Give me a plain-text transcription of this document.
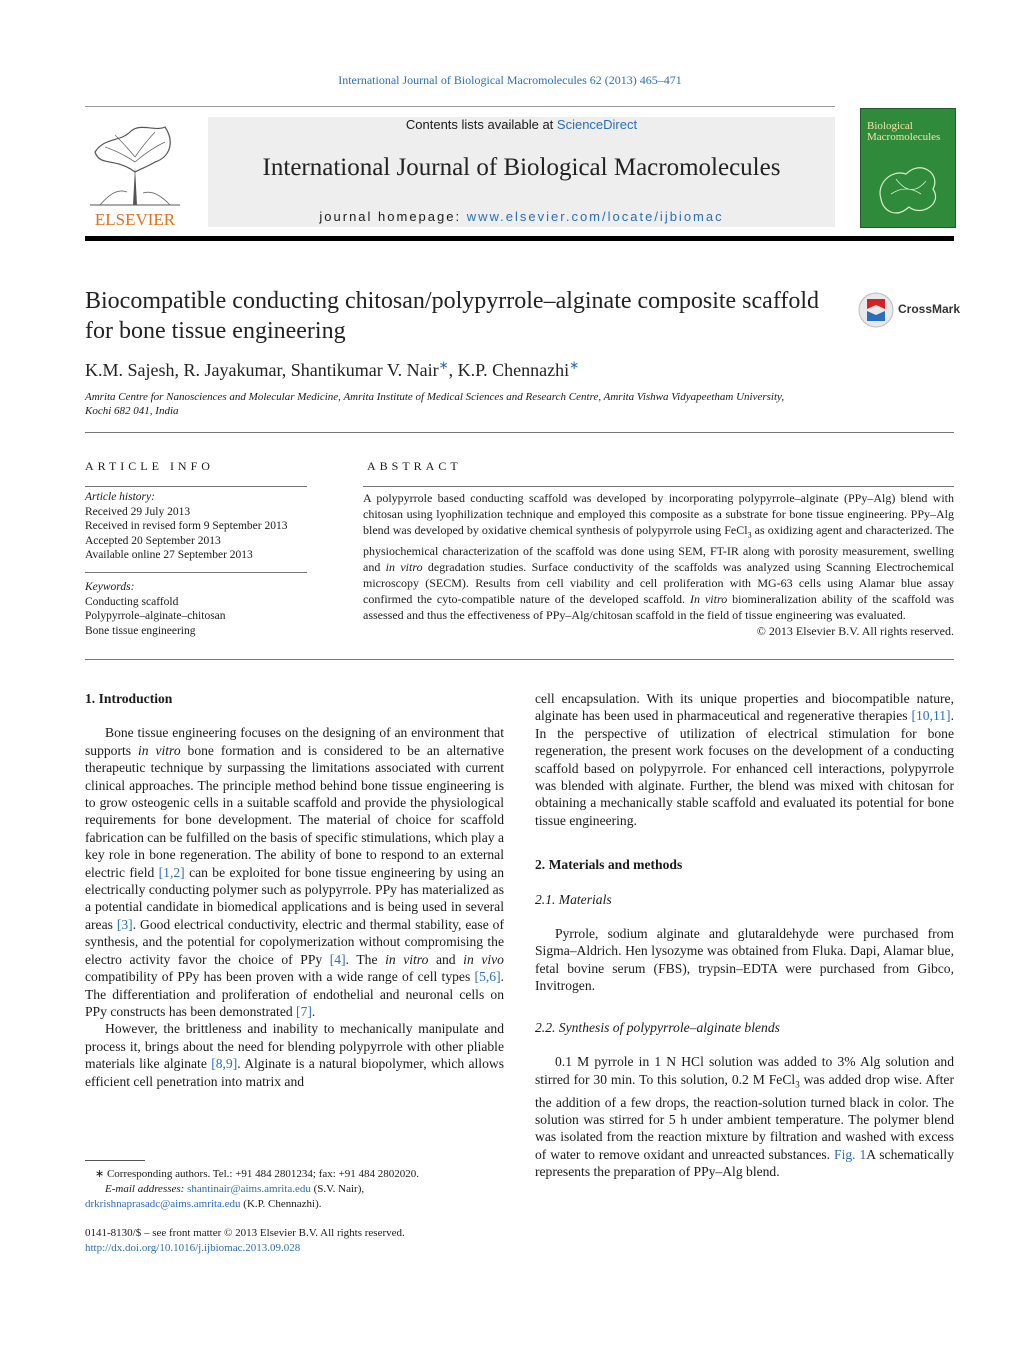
International Journal of Biological Macromolecules 62 (2013) 465–471
ELSEVIER
Contents lists available at ScienceDirect
International Journal of Biological Macromolecules
journal homepage: www.elsevier.com/locate/ijbiomac
Biological
Macromolecules
Biocompatible conducting chitosan/polypyrrole–alginate composite scaffold for bone tissue engineering
CrossMark
K.M. Sajesh, R. Jayakumar, Shantikumar V. Nair∗, K.P. Chennazhi∗
Amrita Centre for Nanosciences and Molecular Medicine, Amrita Institute of Medical Sciences and Research Centre, Amrita Vishwa Vidyapeetham University, Kochi 682 041, India
ARTICLE INFO
Article history:
Received 29 July 2013
Received in revised form 9 September 2013
Accepted 20 September 2013
Available online 27 September 2013
Keywords:
Conducting scaffold
Polypyrrole–alginate–chitosan
Bone tissue engineering
ABSTRACT
A polypyrrole based conducting scaffold was developed by incorporating polypyrrole–alginate (PPy–Alg) blend with chitosan using lyophilization technique and employed this composite as a substrate for bone tissue engineering. PPy–Alg blend was developed by oxidative chemical synthesis of polypyrrole using FeCl$_3$ as oxidizing agent and characterized. The physiochemical characterization of the scaffold was done using SEM, FT-IR along with porosity measurement, swelling and in vitro degradation studies. Surface conductivity of the scaffolds was analyzed using Scanning Electrochemical microscopy (SECM). Results from cell viability and cell proliferation with MG-63 cells using Alamar blue assay confirmed the cyto-compatible nature of the developed scaffold. In vitro biomineralization ability of the scaffold was assessed and thus the effectiveness of PPy–Alg/chitosan scaffold in the field of tissue engineering was evaluated.
© 2013 Elsevier B.V. All rights reserved.
1. Introduction

Bone tissue engineering focuses on the designing of an environment that supports in vitro bone formation and is considered to be an alternative therapeutic technique by surpassing the limitations associated with current clinical approaches. The principle method behind bone tissue engineering is to grow osteogenic cells in a suitable scaffold and provide the physiological requirements for bone development. The material of choice for scaffold fabrication can be fulfilled on the basis of specific stimulations, which play a key role in bone regeneration. The ability of bone to respond to an external electric field [1,2] can be exploited for bone tissue engineering by using an electrically conducting polymer such as polypyrrole. PPy has materialized as a potential candidate in biomedical applications and is being used in several areas [3]. Good electrical conductivity, electric and thermal stability, ease of synthesis, and the potential for copolymerization without compromising the electro activity favor the choice of PPy [4]. The in vitro and in vivo compatibility of PPy has been proven with a wide range of cell types [5,6]. The differentiation and proliferation of endothelial and neuronal cells on PPy constructs has been demonstrated [7].

However, the brittleness and inability to mechanically manipulate and process it, brings about the need for blending polypyrrole with other pliable materials like alginate [8,9]. Alginate is a natural biopolymer, which allows efficient cell penetration into matrix and

∗ Corresponding authors. Tel.: +91 484 2801234; fax: +91 484 2802020.
E-mail addresses: shantinair@aims.amrita.edu (S.V. Nair),
drkrishnaprasadc@aims.amrita.edu (K.P. Chennazhi).
0141-8130/$ – see front matter © 2013 Elsevier B.V. All rights reserved.
http://dx.doi.org/10.1016/j.ijbiomac.2013.09.028

cell encapsulation. With its unique properties and biocompatible nature, alginate has been used in pharmaceutical and regenerative therapies [10,11]. In the perspective of utilization of electrical stimulation for bone regeneration, the present work focuses on the development of a conducting scaffold based on polypyrrole. For enhanced cell interactions, polypyrrole was blended with alginate. Further, the blend was mixed with chitosan for obtaining a mechanically stable scaffold and evaluated its potential for bone tissue engineering.

2. Materials and methods
2.1. Materials

Pyrrole, sodium alginate and glutaraldehyde were purchased from Sigma–Aldrich. Hen lysozyme was obtained from Fluka. Dapi, Alamar blue, fetal bovine serum (FBS), trypsin–EDTA were purchased from Gibco, Invitrogen.

2.2. Synthesis of polypyrrole–alginate blends

0.1 M pyrrole in 1 N HCl solution was added to 3% Alg solution and stirred for 30 min. To this solution, 0.2 M FeCl$_3$ was added drop wise. After the addition of a few drops, the reaction-solution turned black in color. The solution was stirred for 5 h under ambient temperature. The polymer blend was isolated from the reaction mixture by filtration and washed with excess of water to remove oxidant and unreacted substances. Fig. 1A schematically represents the preparation of PPy–Alg blend.
